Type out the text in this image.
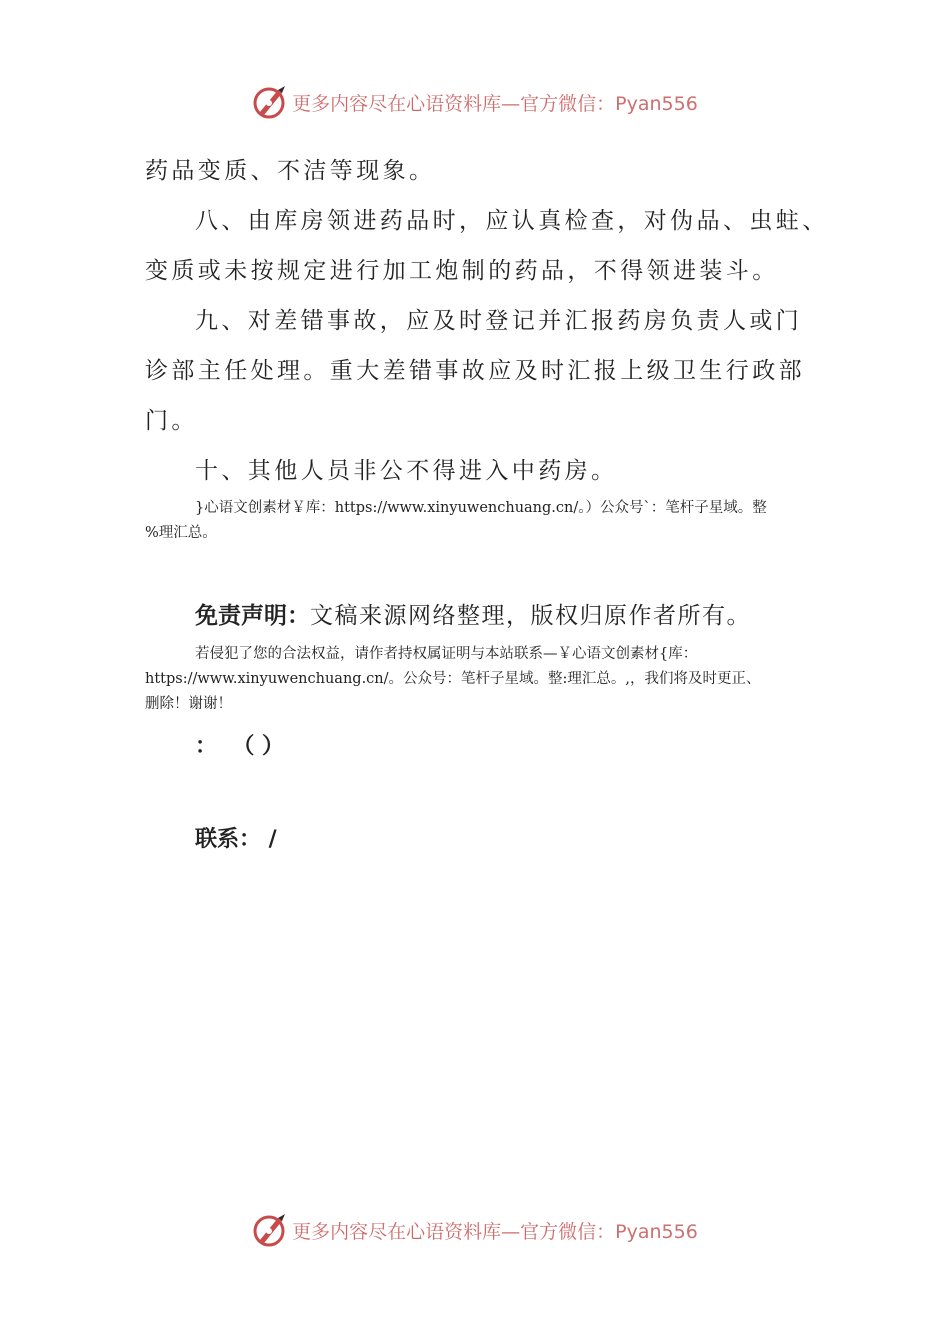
更多内容尽在心语资料库—官方微信：Pyan556
药品变质、不洁等现象。
八、由库房领进药品时，应认真检查，对伪品、虫蛀、
变质或未按规定进行加工炮制的药品，不得领进装斗。
九、对差错事故，应及时登记并汇报药房负责人或门
诊部主任处理。重大差错事故应及时汇报上级卫生行政部
门。
十、其他人员非公不得进入中药房。
}心语文创素材￥库：https://www.xinyuwenchuang.cn/。）公众号`：笔杆子星域。整
%理汇总。
免责声明：文稿来源网络整理，版权归原作者所有。
若侵犯了您的合法权益，请作者持权属证明与本站联系—￥心语文创素材{库：
https://www.xinyuwenchuang.cn/。公众号：笔杆子星域。整:理汇总。,，我们将及时更正、
删除！谢谢！
：  （ ）
联系： /
更多内容尽在心语资料库—官方微信：Pyan556
